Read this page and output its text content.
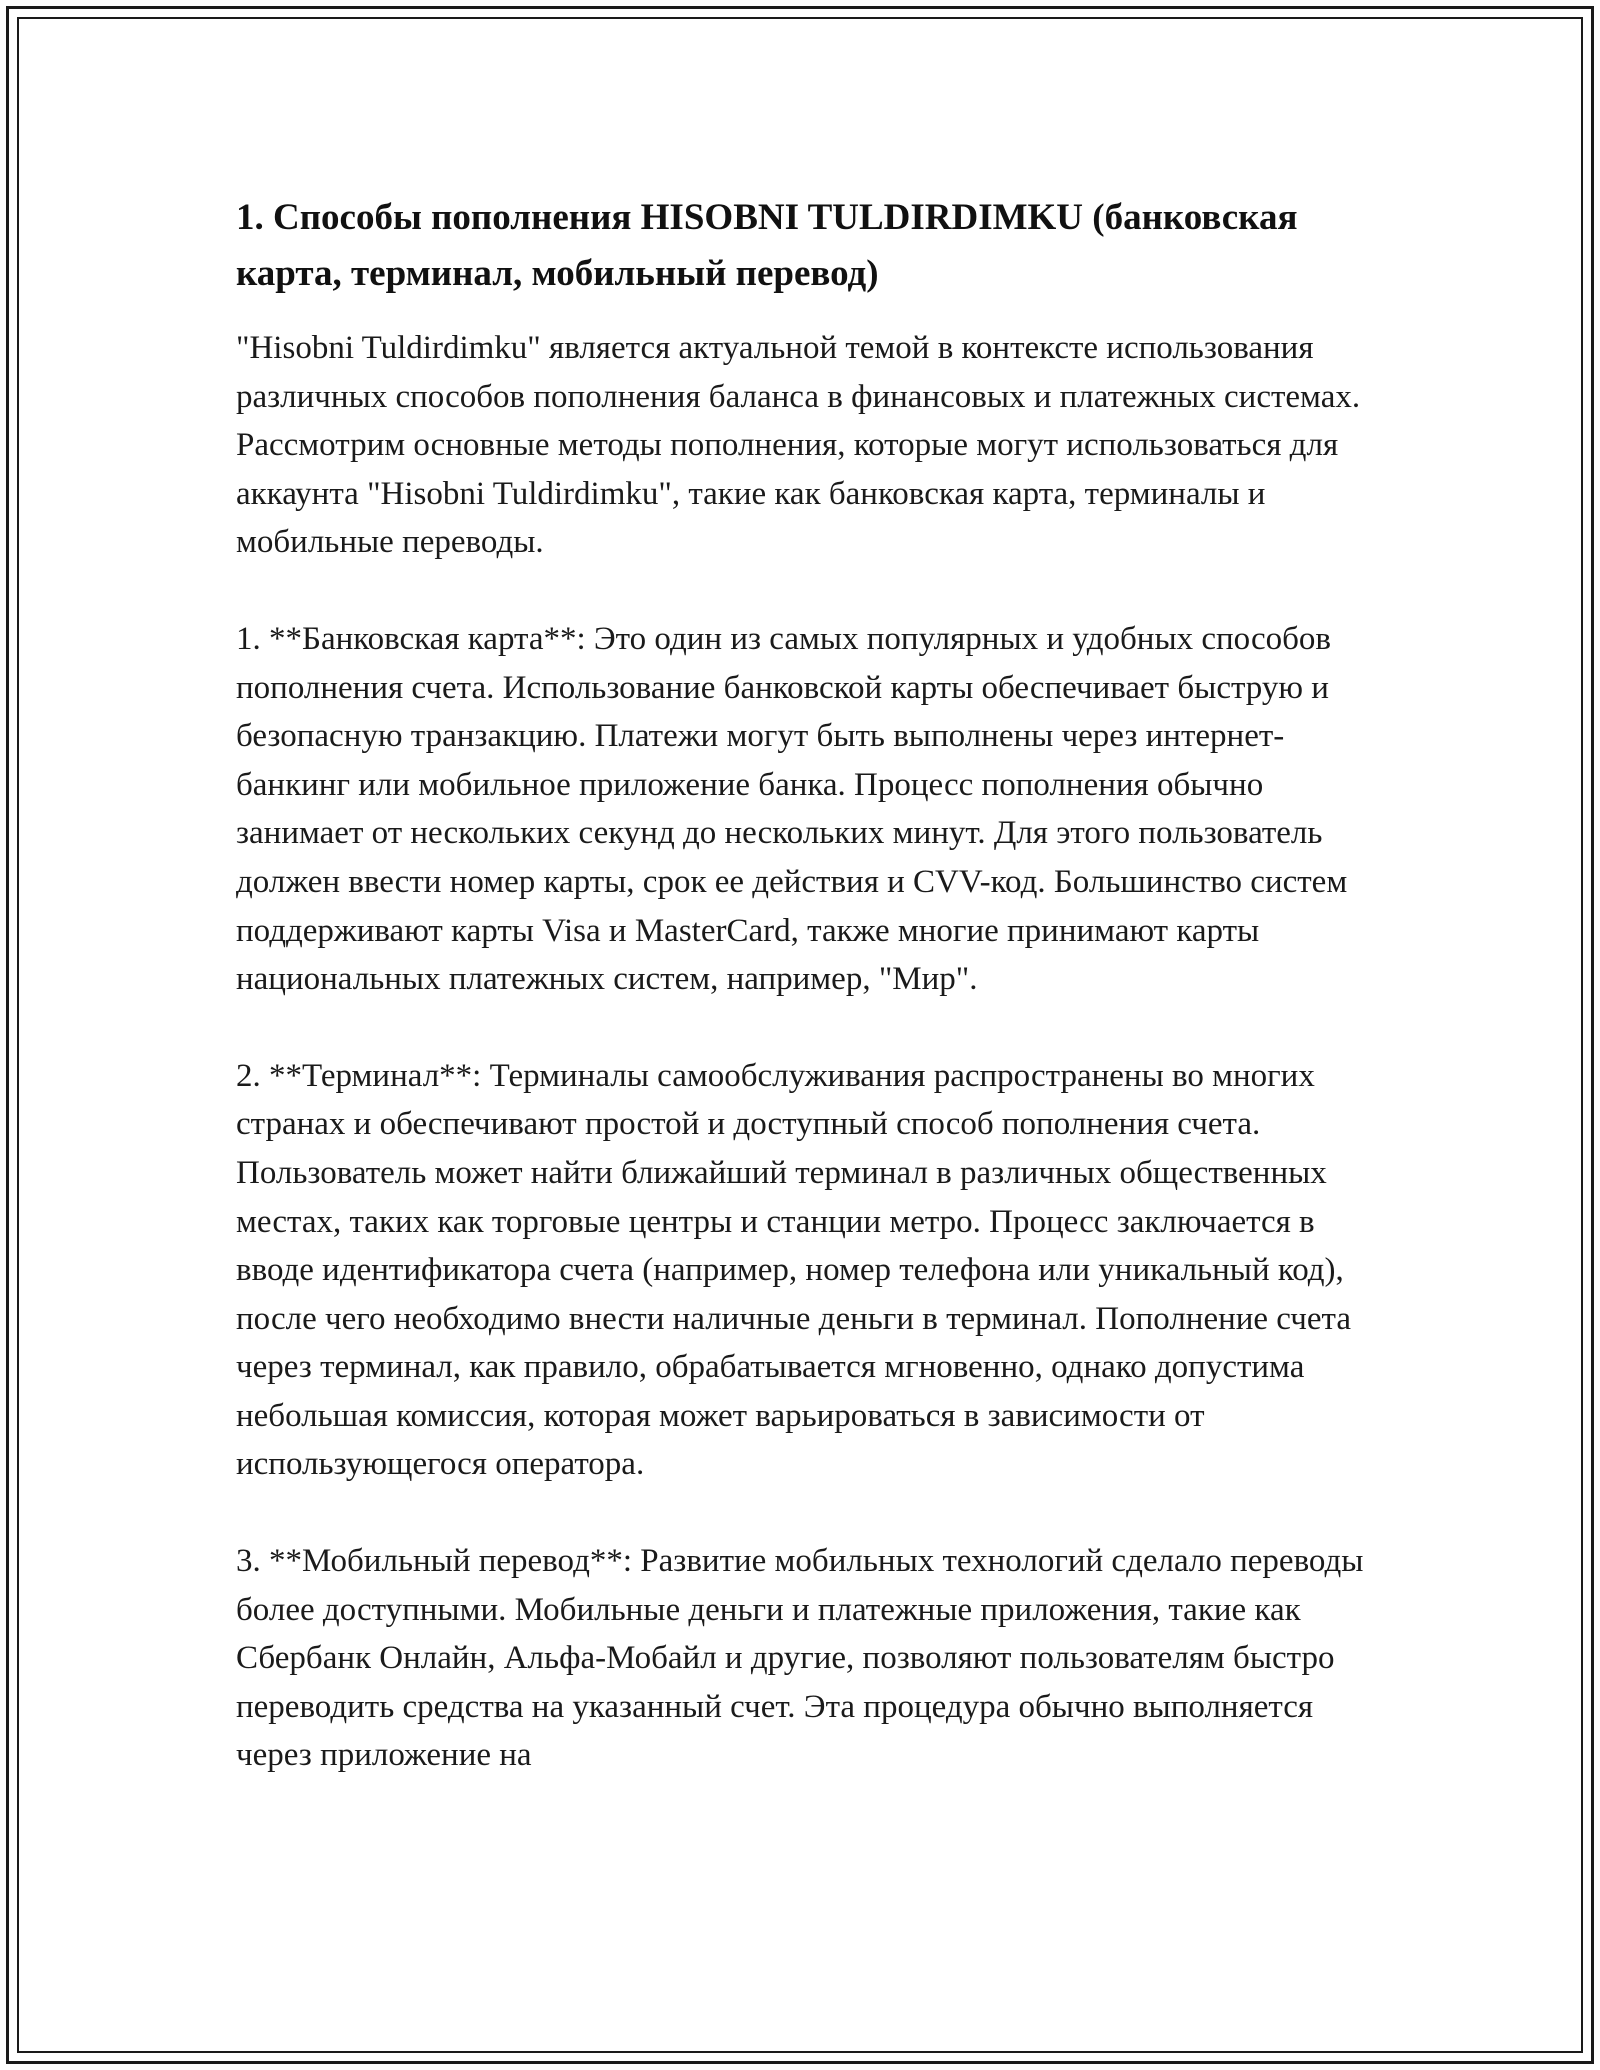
1. Способы пополнения HISOBNI TULDIRDIMKU (банковская карта, терминал, мобильный перевод)

"Hisobni Tuldirdimku" является актуальной темой в контексте использования различных способов пополнения баланса в финансовых и платежных системах. Рассмотрим основные методы пополнения, которые могут использоваться для аккаунта "Hisobni Tuldirdimku", такие как банковская карта, терминалы и мобильные переводы.

1. **Банковская карта**: Это один из самых популярных и удобных способов пополнения счета. Использование банковской карты обеспечивает быструю и безопасную транзакцию. Платежи могут быть выполнены через интернет-банкинг или мобильное приложение банка. Процесс пополнения обычно занимает от нескольких секунд до нескольких минут. Для этого пользователь должен ввести номер карты, срок ее действия и CVV-код. Большинство систем поддерживают карты Visa и MasterCard, также многие принимают карты национальных платежных систем, например, "Мир".

2. **Терминал**: Терминалы самообслуживания распространены во многих странах и обеспечивают простой и доступный способ пополнения счета. Пользователь может найти ближайший терминал в различных общественных местах, таких как торговые центры и станции метро. Процесс заключается в вводе идентификатора счета (например, номер телефона или уникальный код), после чего необходимо внести наличные деньги в терминал. Пополнение счета через терминал, как правило, обрабатывается мгновенно, однако допустима небольшая комиссия, которая может варьироваться в зависимости от использующегося оператора.

3. **Мобильный перевод**: Развитие мобильных технологий сделало переводы более доступными. Мобильные деньги и платежные приложения, такие как Сбербанк Онлайн, Альфа-Мобайл и другие, позволяют пользователям быстро переводить средства на указанный счет. Эта процедура обычно выполняется через приложение на
